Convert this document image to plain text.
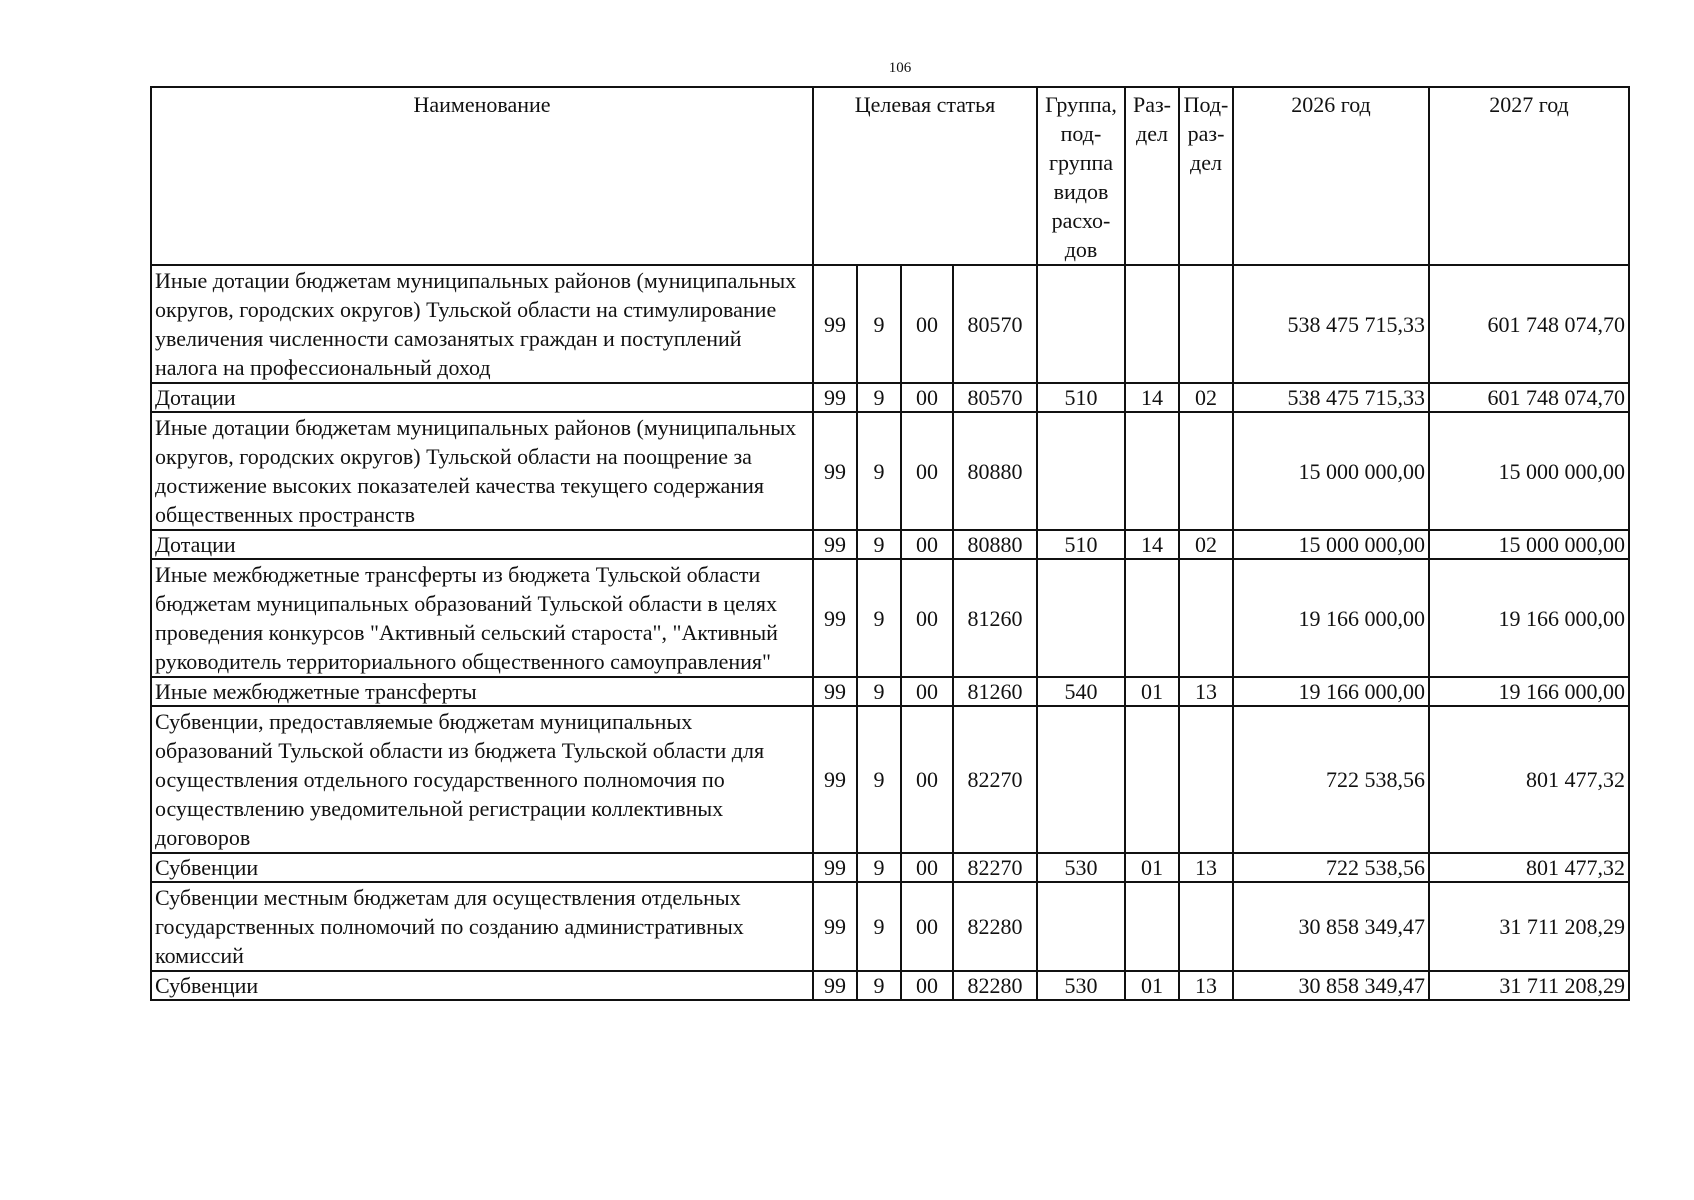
106
Наименование	Целевая статья				Группа, под- группа видов расхо- дов	Раз- дел	Под- раз- дел	2026 год	2027 год
Иные дотации бюджетам муниципальных районов (муниципальных округов, городских округов) Тульской области на стимулирование увеличения численности самозанятых граждан и поступлений налога на профессиональный доход	99	9	00	80570				538 475 715,33	601 748 074,70
Дотации	99	9	00	80570	510	14	02	538 475 715,33	601 748 074,70
Иные дотации бюджетам муниципальных районов (муниципальных округов, городских округов) Тульской области на поощрение за достижение высоких показателей качества текущего содержания общественных пространств	99	9	00	80880				15 000 000,00	15 000 000,00
Дотации	99	9	00	80880	510	14	02	15 000 000,00	15 000 000,00
Иные межбюджетные трансферты из бюджета Тульской области бюджетам муниципальных образований Тульской области в целях проведения конкурсов "Активный сельский староста", "Активный руководитель территориального общественного самоуправления"	99	9	00	81260				19 166 000,00	19 166 000,00
Иные межбюджетные трансферты	99	9	00	81260	540	01	13	19 166 000,00	19 166 000,00
Субвенции, предоставляемые бюджетам муниципальных образований Тульской области из бюджета Тульской области для осуществления отдельного государственного полномочия по осуществлению уведомительной регистрации коллективных договоров	99	9	00	82270				722 538,56	801 477,32
Субвенции	99	9	00	82270	530	01	13	722 538,56	801 477,32
Субвенции местным бюджетам для осуществления отдельных государственных полномочий по созданию административных комиссий	99	9	00	82280				30 858 349,47	31 711 208,29
Субвенции	99	9	00	82280	530	01	13	30 858 349,47	31 711 208,29
